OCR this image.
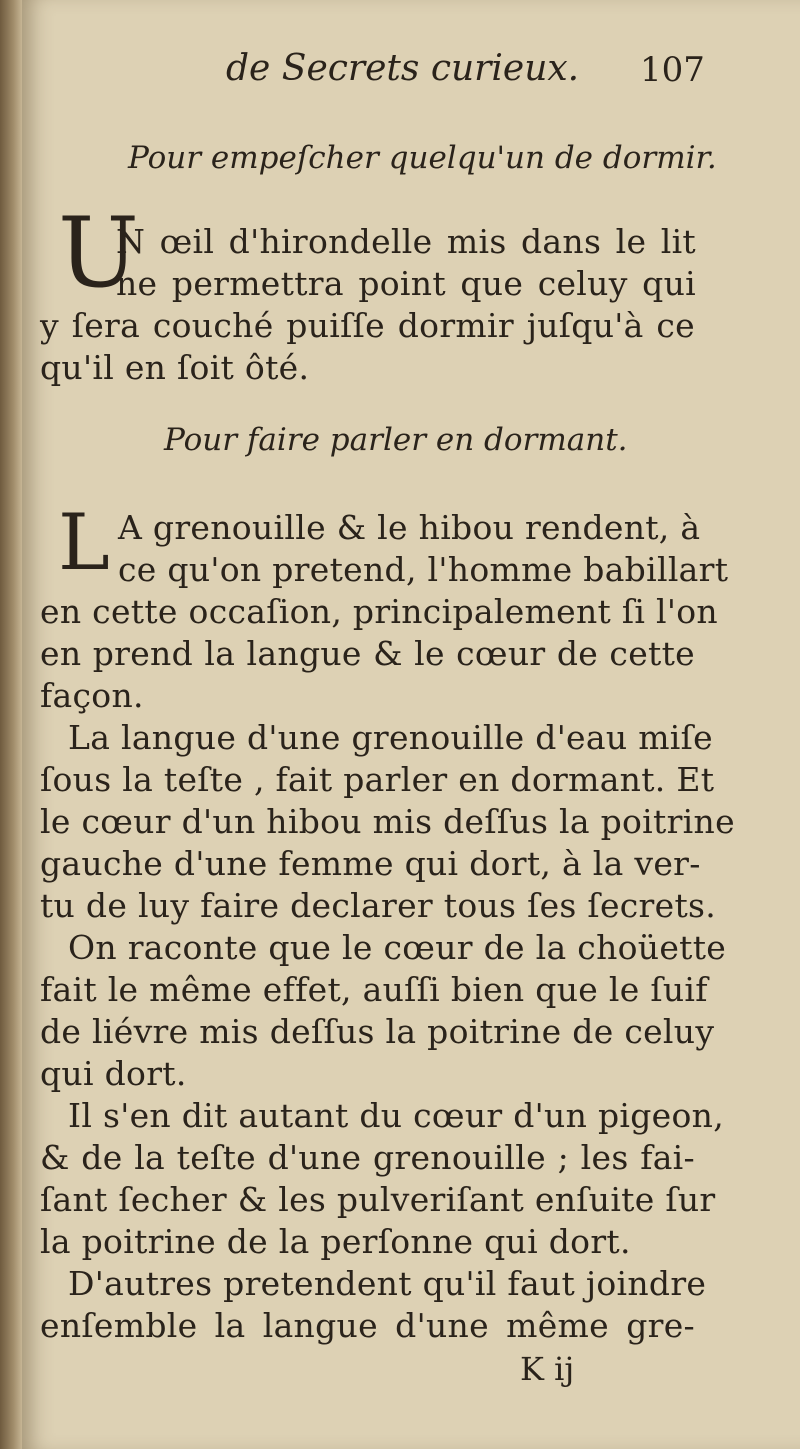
de Secrets curieux. 107
Pour empeſcher quelqu'un de dormir.
U
N œil d'hirondelle mis dans le lit
ne permettra point que celuy qui
y ſera couché puiſſe dormir juſqu'à ce
qu'il en ſoit ôté.
Pour faire parler en dormant.
L A grenouille & le hibou rendent, à
ce qu'on pretend, l'homme babillart
en cette occaſion, principalement ſi l'on
en prend la langue & le cœur de cette
façon.
La langue d'une grenouille d'eau miſe
ſous la teſte , fait parler en dormant. Et
le cœur d'un hibou mis deſſus la poitrine
gauche d'une femme qui dort, à la ver-
tu de luy faire declarer tous ſes ſecrets.
On raconte que le cœur de la choüette
fait le même effet, auſſi bien que le ſuif
de liévre mis deſſus la poitrine de celuy
qui dort.
Il s'en dit autant du cœur d'un pigeon,
& de la teſte d'une grenouille ; les fai-
ſant ſecher & les pulveriſant enſuite ſur
la poitrine de la perſonne qui dort.
D'autres pretendent qu'il faut joindre
enſemble la langue d'une même gre-
K ij
